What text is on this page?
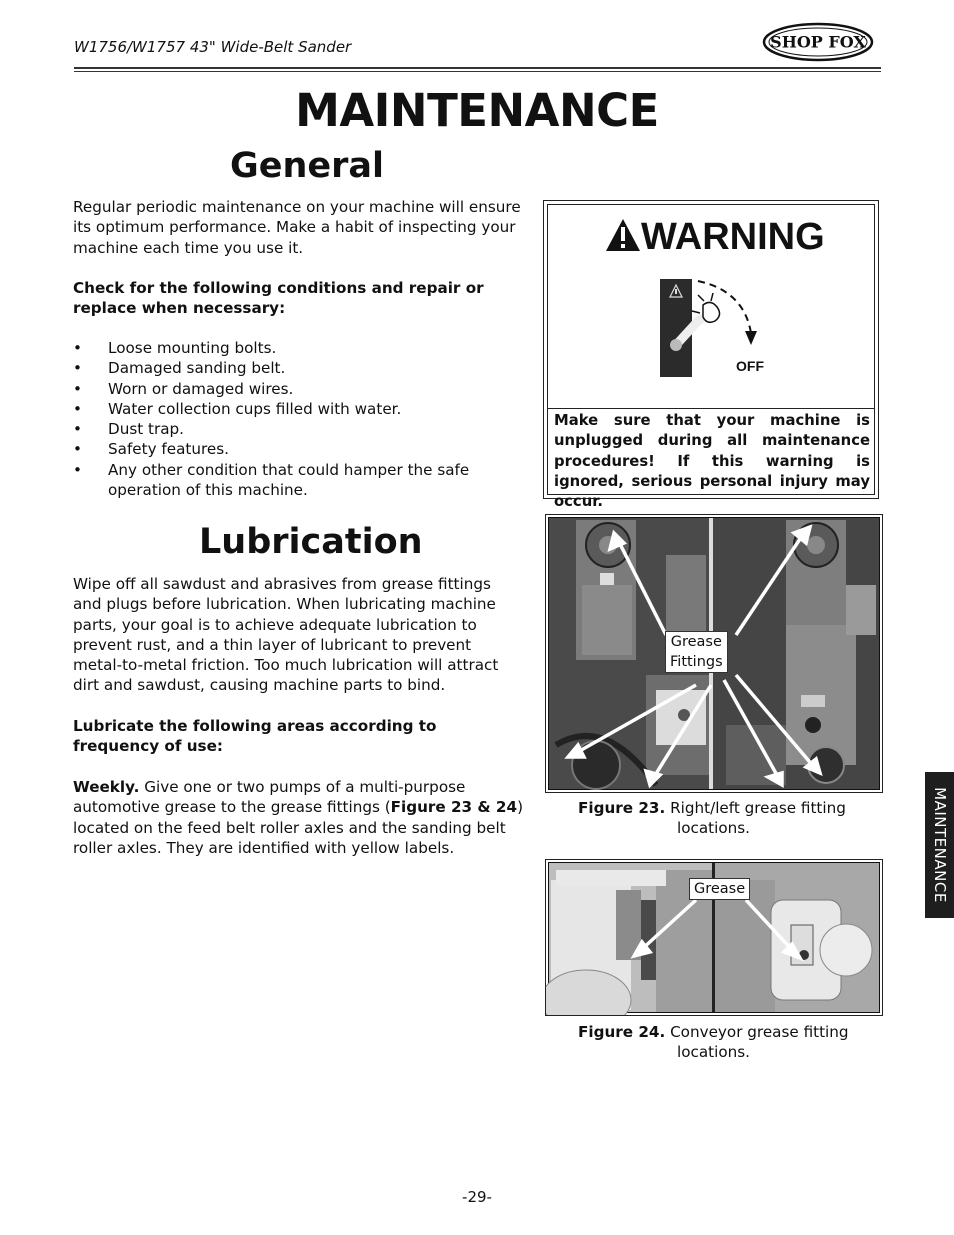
W1756/W1757 43" Wide-Belt Sander	SHOP FOX
MAINTENANCE
General
Regular periodic maintenance on your machine will ensure its optimum performance. Make a habit of inspecting your machine each time you use it.
Check for the following conditions and repair or replace when necessary:
• Loose mounting bolts.
• Damaged sanding belt.
• Worn or damaged wires.
• Water collection cups filled with water.
• Dust trap.
• Safety features.
• Any other condition that could hamper the safe operation of this machine.
WARNING
OFF
Make sure that your machine is unplugged during all maintenance procedures! If this warning is ignored, serious personal injury may occur.
Lubrication
Wipe off all sawdust and abrasives from grease fittings and plugs before lubrication. When lubricating machine parts, your goal is to achieve adequate lubrication to prevent rust, and a thin layer of lubricant to prevent metal-to-metal friction. Too much lubrication will attract dirt and sawdust, causing machine parts to bind.
Lubricate the following areas according to frequency of use:
Weekly. Give one or two pumps of a multi-purpose automotive grease to the grease fittings (Figure 23 & 24) located on the feed belt roller axles and the sanding belt roller axles. They are identified with yellow labels.
Grease
Fittings
Figure 23. Right/left grease fitting
locations.
Grease
Figure 24. Conveyor grease fitting
locations.
MAINTENANCE
-29-
